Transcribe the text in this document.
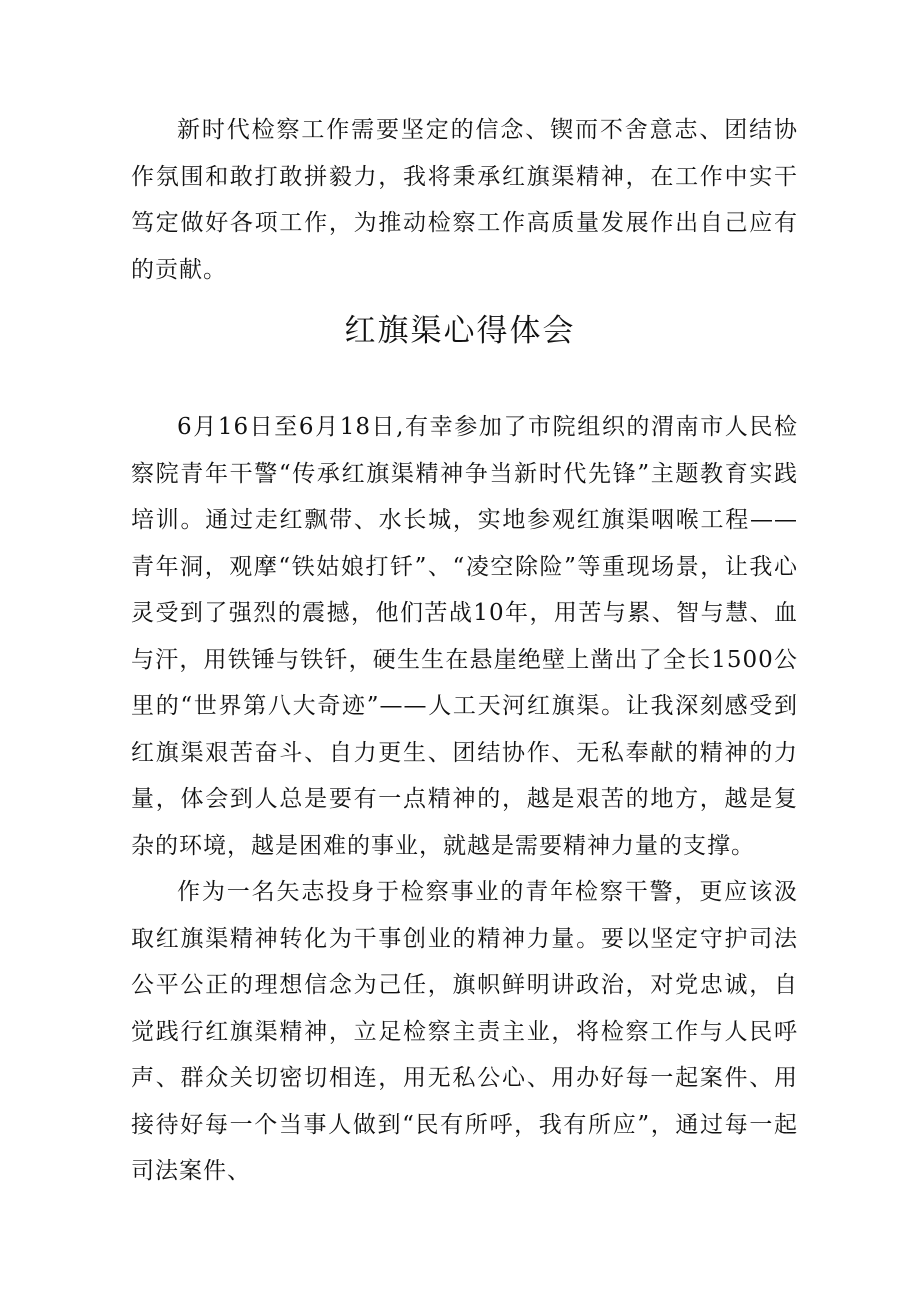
新时代检察工作需要坚定的信念、锲而不舍意志、团结协作氛围和敢打敢拼毅力，我将秉承红旗渠精神，在工作中实干笃定做好各项工作，为推动检察工作高质量发展作出自己应有的贡献。

红旗渠心得体会

6月16日至6月18日,有幸参加了市院组织的渭南市人民检察院青年干警“传承红旗渠精神争当新时代先锋”主题教育实践培训。通过走红飘带、水长城，实地参观红旗渠咽喉工程——青年洞，观摩“铁姑娘打钎”、“凌空除险”等重现场景，让我心灵受到了强烈的震撼，他们苦战10年，用苦与累、智与慧、血与汗，用铁锤与铁钎，硬生生在悬崖绝壁上凿出了全长1500公里的“世界第八大奇迹”——人工天河红旗渠。让我深刻感受到红旗渠艰苦奋斗、自力更生、团结协作、无私奉献的精神的力量，体会到人总是要有一点精神的，越是艰苦的地方，越是复杂的环境，越是困难的事业，就越是需要精神力量的支撑。

作为一名矢志投身于检察事业的青年检察干警，更应该汲取红旗渠精神转化为干事创业的精神力量。要以坚定守护司法公平公正的理想信念为己任，旗帜鲜明讲政治，对党忠诚，自觉践行红旗渠精神，立足检察主责主业，将检察工作与人民呼声、群众关切密切相连，用无私公心、用办好每一起案件、用接待好每一个当事人做到“民有所呼，我有所应”，通过每一起司法案件、
